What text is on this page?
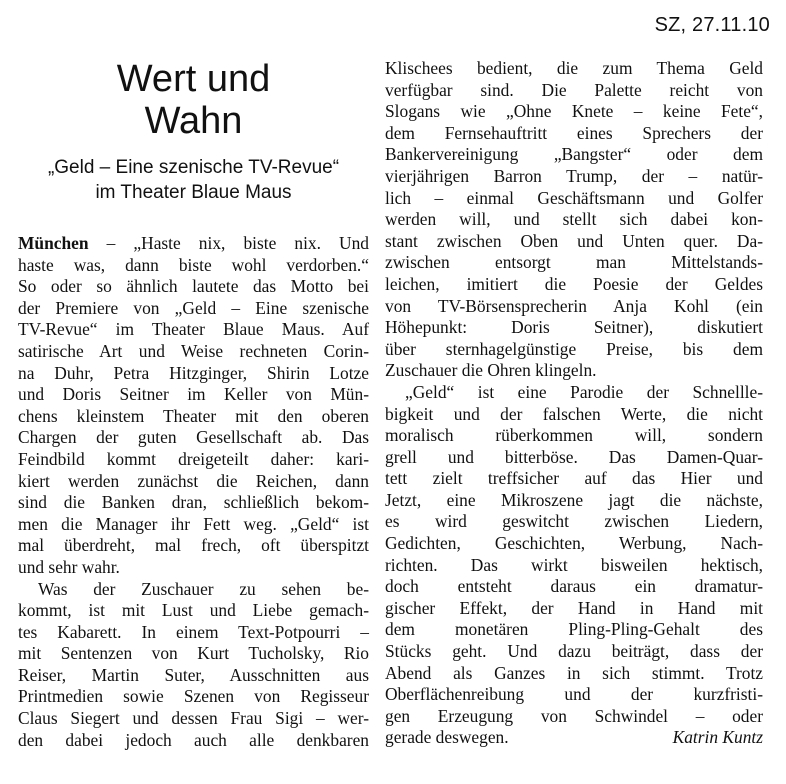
SZ, 27.11.10
Wert und
Wahn
„Geld – Eine szenische TV-Revue“
im Theater Blaue Maus
München – „Haste nix, biste nix. Und
haste was, dann biste wohl verdorben.“
So oder so ähnlich lautete das Motto bei
der Premiere von „Geld – Eine szenische
TV-Revue“ im Theater Blaue Maus. Auf
satirische Art und Weise rechneten Corin-
na Duhr, Petra Hitzginger, Shirin Lotze
und Doris Seitner im Keller von Mün-
chens kleinstem Theater mit den oberen
Chargen der guten Gesellschaft ab. Das
Feindbild kommt dreigeteilt daher: kari-
kiert werden zunächst die Reichen, dann
sind die Banken dran, schließlich bekom-
men die Manager ihr Fett weg. „Geld“ ist
mal überdreht, mal frech, oft überspitzt
und sehr wahr.
Was der Zuschauer zu sehen be-
kommt, ist mit Lust und Liebe gemach-
tes Kabarett. In einem Text-Potpourri –
mit Sentenzen von Kurt Tucholsky, Rio
Reiser, Martin Suter, Ausschnitten aus
Printmedien sowie Szenen von Regisseur
Claus Siegert und dessen Frau Sigi – wer-
den dabei jedoch auch alle denkbaren
Klischees bedient, die zum Thema Geld
verfügbar sind. Die Palette reicht von
Slogans wie „Ohne Knete – keine Fete“,
dem Fernsehauftritt eines Sprechers der
Bankervereinigung „Bangster“ oder dem
vierjährigen Barron Trump, der – natür-
lich – einmal Geschäftsmann und Golfer
werden will, und stellt sich dabei kon-
stant zwischen Oben und Unten quer. Da-
zwischen entsorgt man Mittelstands-
leichen, imitiert die Poesie der Geldes
von TV-Börsensprecherin Anja Kohl (ein
Höhepunkt: Doris Seitner), diskutiert
über sternhagelgünstige Preise, bis dem
Zuschauer die Ohren klingeln.
„Geld“ ist eine Parodie der Schnellle-
bigkeit und der falschen Werte, die nicht
moralisch rüberkommen will, sondern
grell und bitterböse. Das Damen-Quar-
tett zielt treffsicher auf das Hier und
Jetzt, eine Mikroszene jagt die nächste,
es wird geswitcht zwischen Liedern,
Gedichten, Geschichten, Werbung, Nach-
richten. Das wirkt bisweilen hektisch,
doch entsteht daraus ein dramatur-
gischer Effekt, der Hand in Hand mit
dem monetären Pling-Pling-Gehalt des
Stücks geht. Und dazu beiträgt, dass der
Abend als Ganzes in sich stimmt. Trotz
Oberflächenreibung und der kurzfristi-
gen Erzeugung von Schwindel – oder
gerade deswegen.	Katrin Kuntz
